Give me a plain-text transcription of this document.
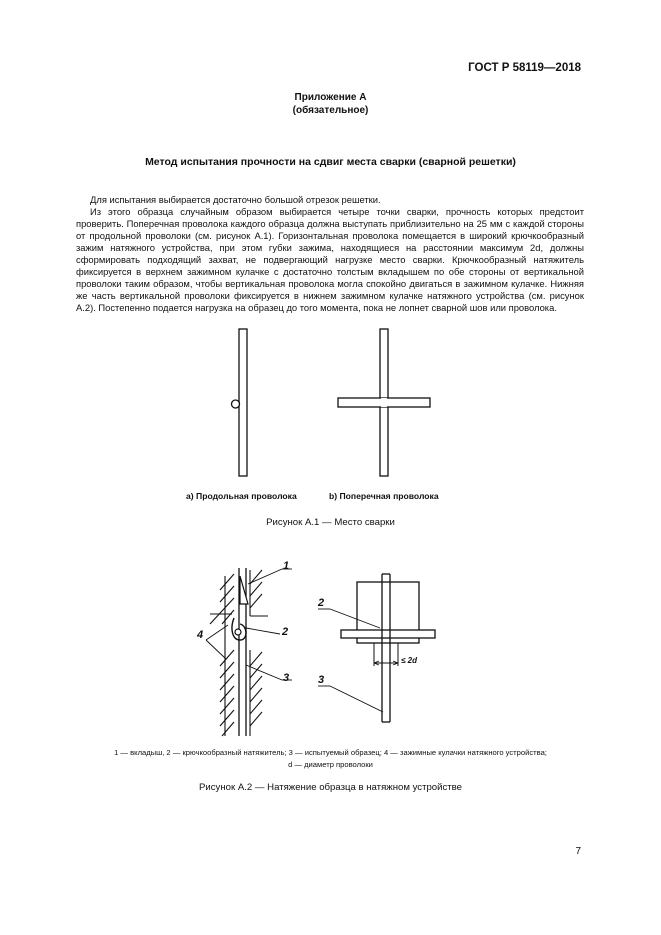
ГОСТ Р 58119—2018
Приложение А
(обязательное)
Метод испытания прочности на сдвиг места сварки (сварной решетки)

Для испытания выбирается достаточно большой отрезок решетки.

Из этого образца случайным образом выбирается четыре точки сварки, прочность которых предстоит проверить. Поперечная проволока каждого образца должна выступать приблизительно на 25 мм с каждой стороны от продольной проволоки (см. рисунок А.1). Горизонтальная проволока помещается в широкий крючкообразный зажим натяжного устройства, при этом губки зажима, находящиеся на расстоянии максимум 2d, должны сформировать подходящий захват, не подвергающий нагрузке место сварки. Крючкообразный натяжитель фиксируется в верхнем зажимном кулачке с достаточно толстым вкладышем по обе стороны от вертикальной проволоки таким образом, чтобы вертикальная проволока могла спокойно двигаться в зажимном кулачке. Нижняя же часть вертикальной проволоки фиксируется в нижнем зажимном кулачке натяжного устройства (см. рисунок А.2). Постепенно подается нагрузка на образец до того момента, пока не лопнет сварной шов или проволока.

а) Продольная проволока	b) Поперечная проволока
Рисунок А.1 — Место сварки
1
2
4
3
2
3
≤ 2d
1 — вкладыш, 2 — крючкообразный натяжитель; 3 — испытуемый образец; 4 — зажимные кулачки натяжного устройства;
d — диаметр проволоки
Рисунок А.2 — Натяжение образца в натяжном устройстве
7
